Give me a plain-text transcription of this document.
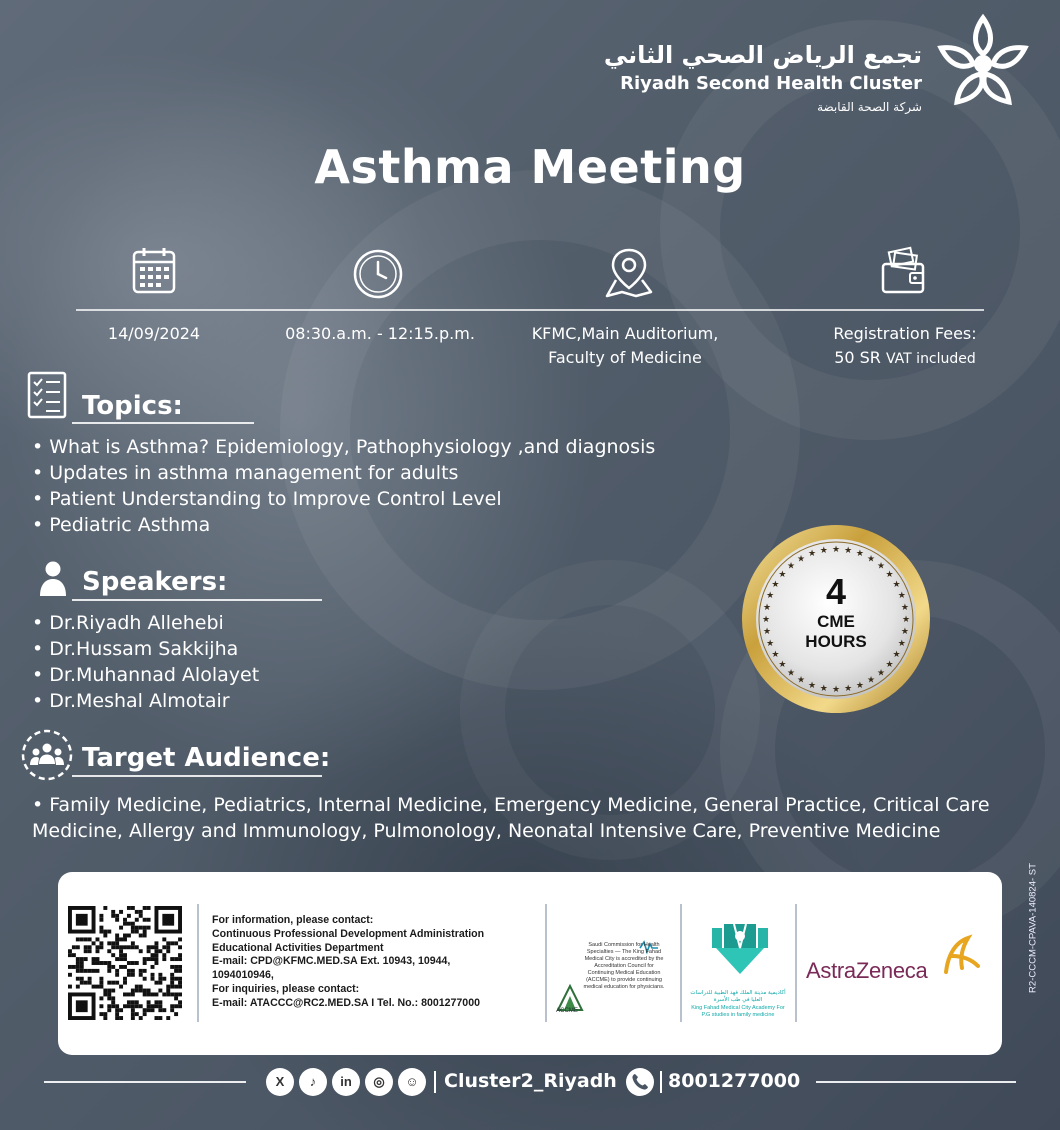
تجمع الرياض الصحي الثاني
Riyadh Second Health Cluster
شركة الصحة القابضة
Asthma Meeting
14/09/2024	08:30.a.m. - 12:15.p.m.	KFMC,Main Auditorium,
Faculty of Medicine
Registration Fees:
50 SR VAT included
Topics:
• What is Asthma? Epidemiology, Pathophysiology ,and diagnosis
• Updates in asthma management for adults
• Patient Understanding to Improve Control Level
• Pediatric Asthma
Speakers:
• Dr.Riyadh Allehebi
• Dr.Hussam Sakkijha
• Dr.Muhannad Alolayet
• Dr.Meshal Almotair
Target Audience:
• Family Medicine, Pediatrics, Internal Medicine, Emergency Medicine, General Practice, Critical Care Medicine, Allergy and Immunology, Pulmonology, Neonatal Intensive Care, Preventive Medicine
★
★
★
★
★
★
★
★
★
★
★
★
★
★
★
★
★
★
★
★
★
★
★
★
★
★ ★ ★ ★ ★
★
★
★
★
★
★
4
CME
HOURS
For information, please contact:
Continuous Professional Development Administration
Educational Activities Department
E-mail: CPD@KFMC.MED.SA Ext. 10943, 10944,
1094010946,
For inquiries, please contact:
E-mail: ATACCC@RC2.MED.SA I Tel. No.: 8001277000
ACCME
Saudi Commission for Health Specialties — The King Fahad Medical City is accredited by the Accreditation Council for Continuing Medical Education (ACCME) to provide continuing medical education for physicians.
أكاديمية مدينة الملك فهد الطبية للدراسات العليا في طب الأسرة
King Fahad Medical City Academy For P.G studies in family medicine
AstraZeneca	R2-CCCM-CPAVA-140824- ST
X	♪	in	◎	☺	Cluster2_Riyadh	8001277000
